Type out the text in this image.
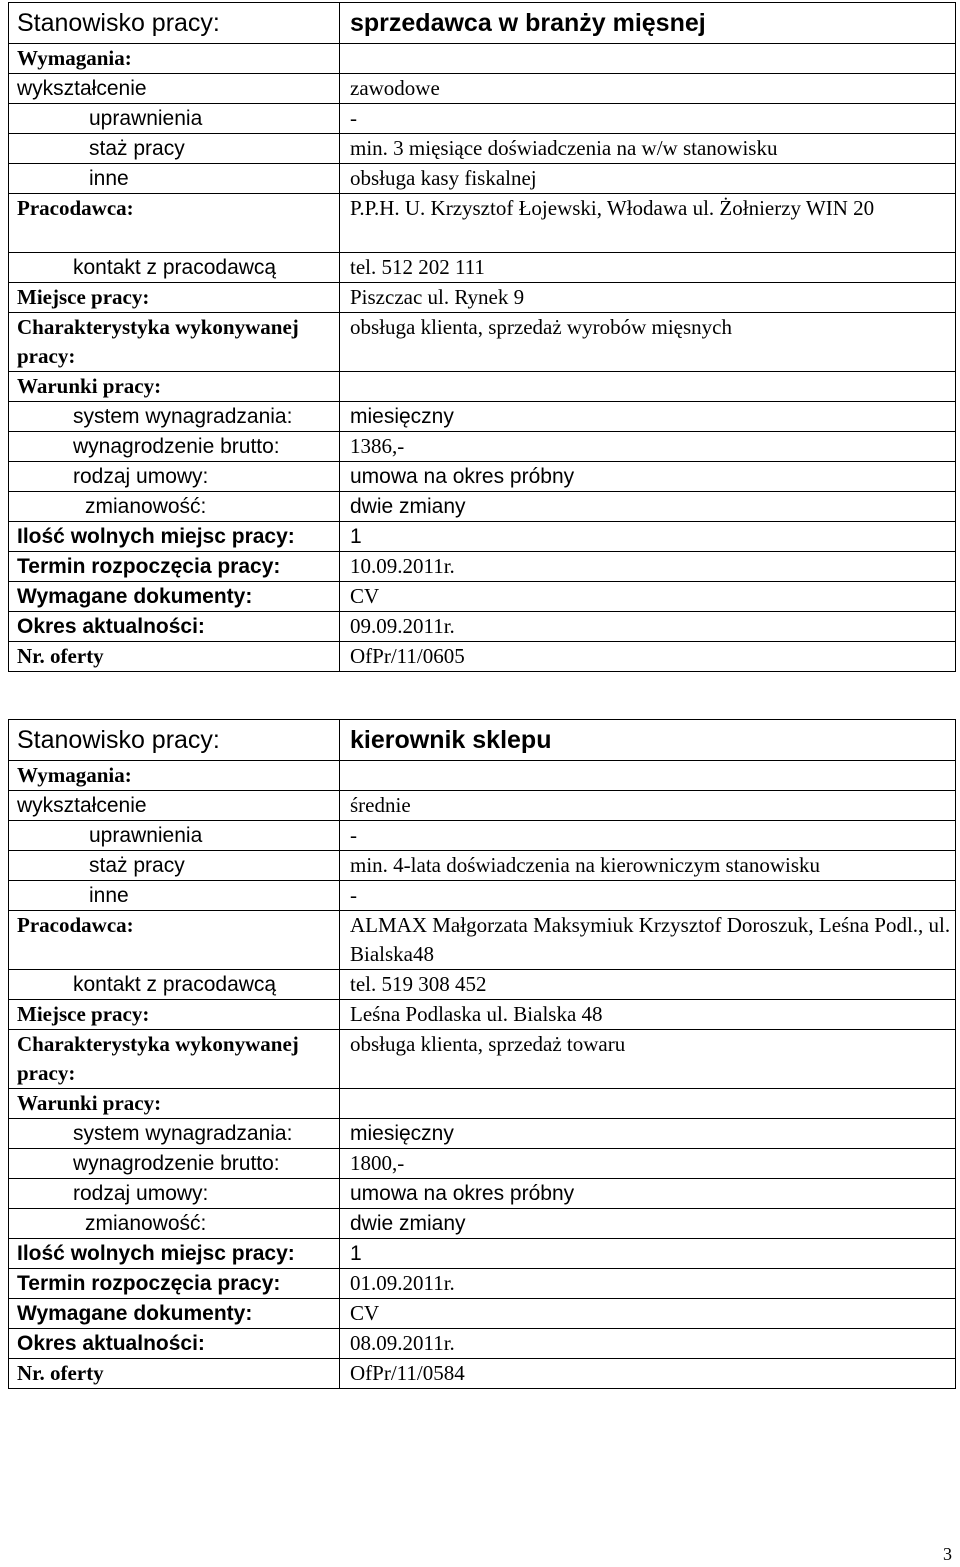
Stanowisko pracy:	sprzedawca w branży mięsnej
Wymagania:	
wykształcenie	zawodowe
uprawnienia	-
staż pracy	min. 3 mięsiące doświadczenia na w/w stanowisku
inne	obsługa kasy fiskalnej
Pracodawca:	P.P.H. U. Krzysztof Łojewski, Włodawa ul. Żołnierzy WIN 20
kontakt z pracodawcą	tel. 512 202 111
Miejsce pracy:	Piszczac ul. Rynek 9
Charakterystyka wykonywanej pracy:	obsługa klienta, sprzedaż wyrobów mięsnych
Warunki pracy:	
system wynagradzania:	miesięczny
wynagrodzenie brutto:	1386,-
rodzaj umowy:	umowa na okres próbny
zmianowość:	dwie zmiany
Ilość wolnych miejsc pracy:	1
Termin rozpoczęcia pracy:	10.09.2011r.
Wymagane dokumenty:	CV
Okres aktualności:	09.09.2011r.
Nr. oferty	OfPr/11/0605
Stanowisko pracy:	kierownik sklepu
Wymagania:	
wykształcenie	średnie
uprawnienia	-
staż pracy	min. 4-lata doświadczenia na kierowniczym stanowisku
inne	-
Pracodawca:	ALMAX Małgorzata Maksymiuk Krzysztof Doroszuk, Leśna Podl., ul. Bialska48
kontakt z pracodawcą	tel. 519 308 452
Miejsce pracy:	Leśna Podlaska ul. Bialska 48
Charakterystyka wykonywanej pracy:	obsługa klienta, sprzedaż towaru
Warunki pracy:	
system wynagradzania:	miesięczny
wynagrodzenie brutto:	1800,-
rodzaj umowy:	umowa na okres próbny
zmianowość:	dwie zmiany
Ilość wolnych miejsc pracy:	1
Termin rozpoczęcia pracy:	01.09.2011r.
Wymagane dokumenty:	CV
Okres aktualności:	08.09.2011r.
Nr. oferty	OfPr/11/0584
3
